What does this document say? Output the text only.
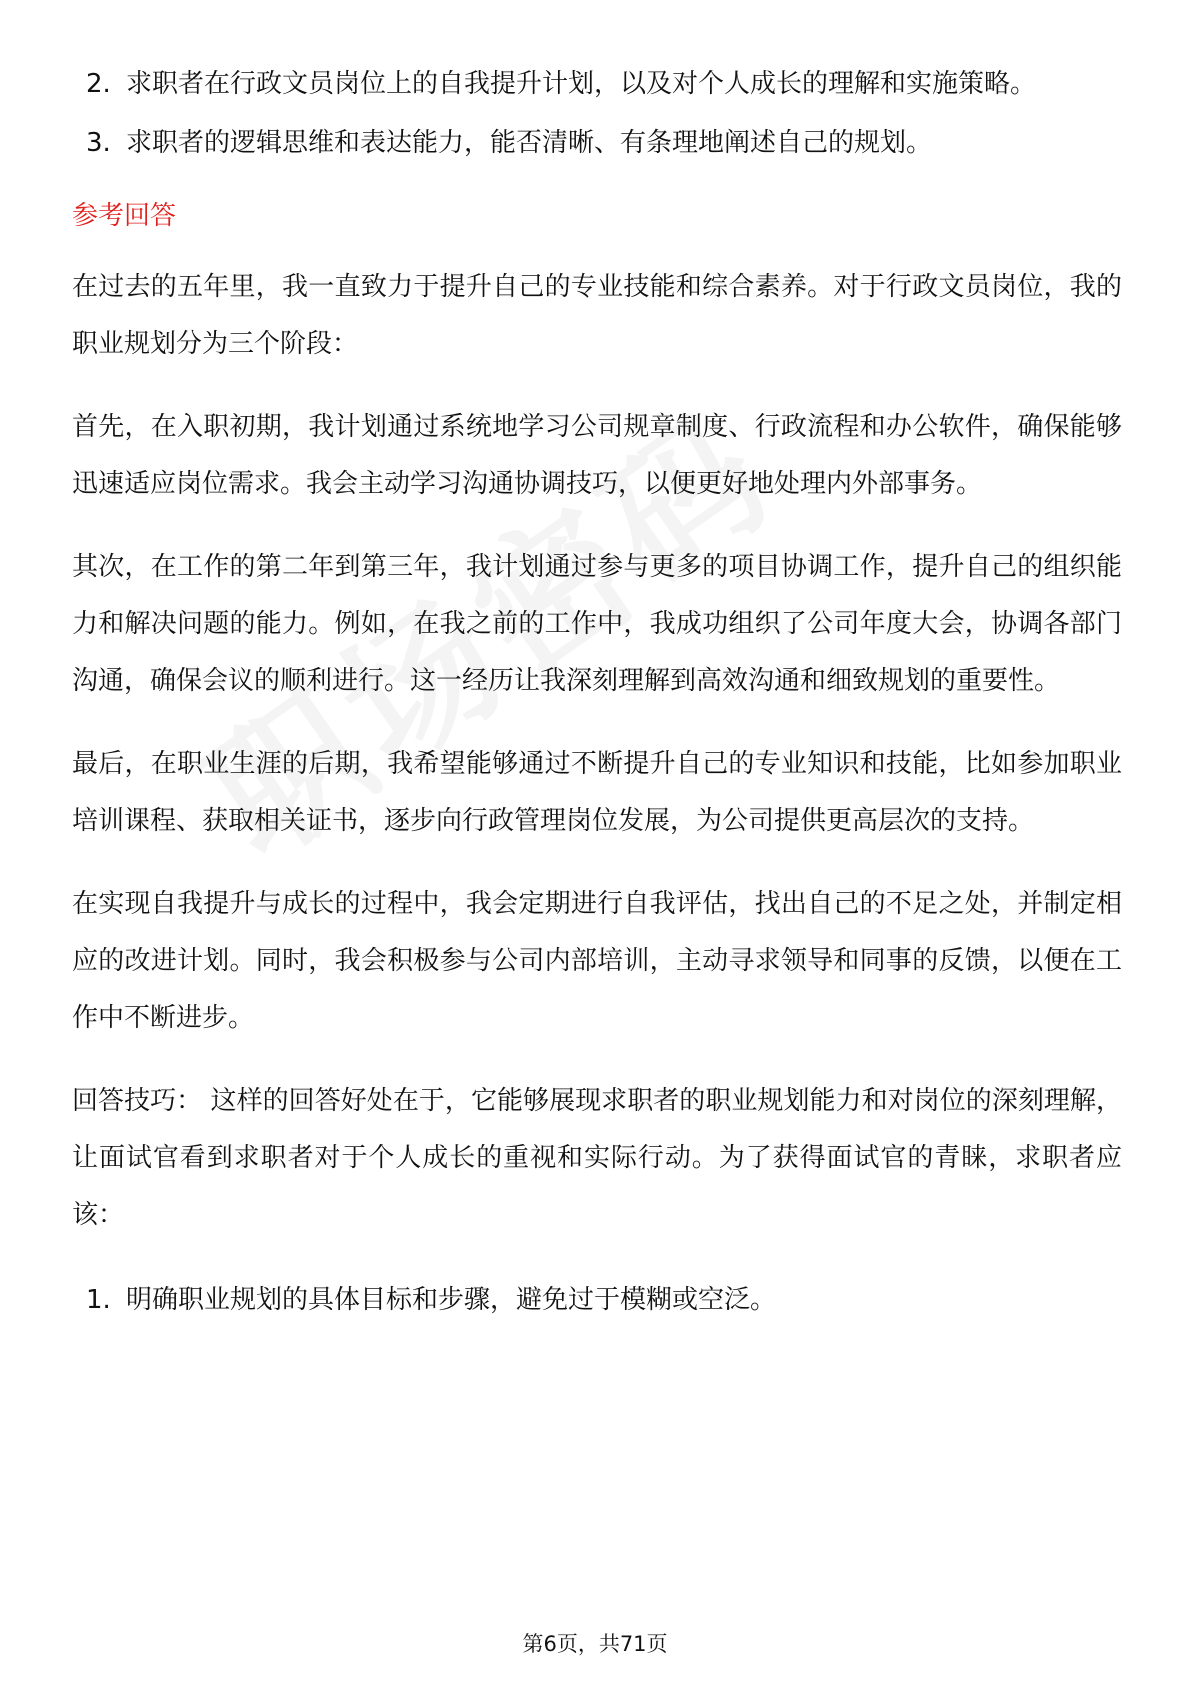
2. 求职者在行政文员岗位上的自我提升计划，以及对个人成长的理解和实施策略。
3. 求职者的逻辑思维和表达能力，能否清晰、有条理地阐述自己的规划。
参考回答

在过去的五年里，我一直致力于提升自己的专业技能和综合素养。对于行政文员岗位，我的职业规划分为三个阶段：

首先，在入职初期，我计划通过系统地学习公司规章制度、行政流程和办公软件，确保能够迅速适应岗位需求。我会主动学习沟通协调技巧，以便更好地处理内外部事务。

其次，在工作的第二年到第三年，我计划通过参与更多的项目协调工作，提升自己的组织能力和解决问题的能力。例如，在我之前的工作中，我成功组织了公司年度大会，协调各部门沟通，确保会议的顺利进行。这一经历让我深刻理解到高效沟通和细致规划的重要性。

最后，在职业生涯的后期，我希望能够通过不断提升自己的专业知识和技能，比如参加职业培训课程、获取相关证书，逐步向行政管理岗位发展，为公司提供更高层次的支持。

在实现自我提升与成长的过程中，我会定期进行自我评估，找出自己的不足之处，并制定相应的改进计划。同时，我会积极参与公司内部培训，主动寻求领导和同事的反馈，以便在工作中不断进步。

回答技巧： 这样的回答好处在于，它能够展现求职者的职业规划能力和对岗位的深刻理解，让面试官看到求职者对于个人成长的重视和实际行动。为了获得面试官的青睐，求职者应该：

1. 明确职业规划的具体目标和步骤，避免过于模糊或空泛。
第6页，共71页
